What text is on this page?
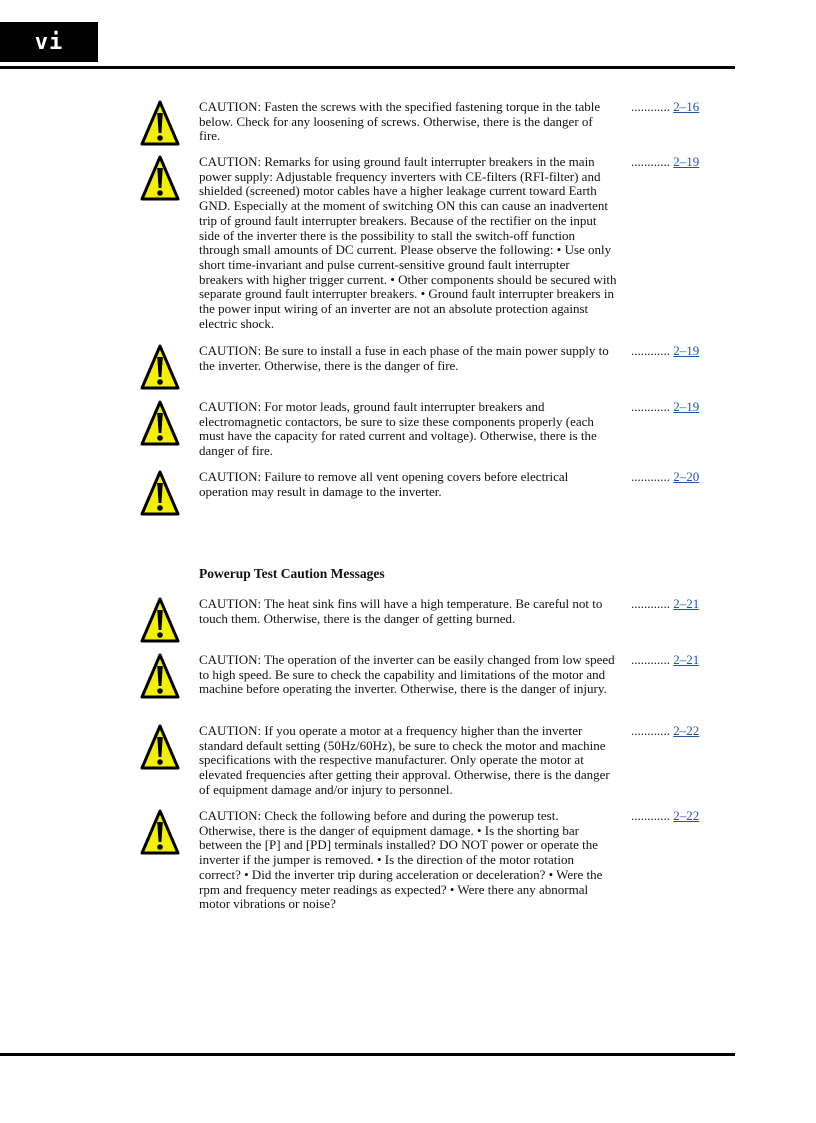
vi
CAUTION: Fasten the screws with the specified fastening torque in the table below. Check for any loosening of screws. Otherwise, there is the danger of fire.
............ 2–16
CAUTION: Remarks for using ground fault interrupter breakers in the main power supply: Adjustable frequency inverters with CE-filters (RFI-filter) and shielded (screened) motor cables have a higher leakage current toward Earth GND. Especially at the moment of switching ON this can cause an inadvertent trip of ground fault interrupter breakers. Because of the rectifier on the input side of the inverter there is the possibility to stall the switch-off function through small amounts of DC current. Please observe the following: • Use only short time-invariant and pulse current-sensitive ground fault interrupter breakers with higher trigger current. • Other components should be secured with separate ground fault interrupter breakers. • Ground fault interrupter breakers in the power input wiring of an inverter are not an absolute protection against electric shock.
............ 2–19
CAUTION: Be sure to install a fuse in each phase of the main power supply to the inverter. Otherwise, there is the danger of fire.
............ 2–19
CAUTION: For motor leads, ground fault interrupter breakers and electromagnetic contactors, be sure to size these components properly (each must have the capacity for rated current and voltage). Otherwise, there is the danger of fire.
............ 2–19
CAUTION: Failure to remove all vent opening covers before electrical operation may result in damage to the inverter.
............ 2–20
Powerup Test Caution Messages
CAUTION: The heat sink fins will have a high temperature. Be careful not to touch them. Otherwise, there is the danger of getting burned.
............ 2–21
CAUTION: The operation of the inverter can be easily changed from low speed to high speed. Be sure to check the capability and limitations of the motor and machine before operating the inverter. Otherwise, there is the danger of injury.
............ 2–21
CAUTION: If you operate a motor at a frequency higher than the inverter standard default setting (50Hz/60Hz), be sure to check the motor and machine specifications with the respective manufacturer. Only operate the motor at elevated frequencies after getting their approval. Otherwise, there is the danger of equipment damage and/or injury to personnel.
............ 2–22
CAUTION: Check the following before and during the powerup test. Otherwise, there is the danger of equipment damage. • Is the shorting bar between the [P] and [PD] terminals installed? DO NOT power or operate the inverter if the jumper is removed. • Is the direction of the motor rotation correct? • Did the inverter trip during acceleration or deceleration? • Were the rpm and frequency meter readings as expected? • Were there any abnormal motor vibrations or noise?
............ 2–22
